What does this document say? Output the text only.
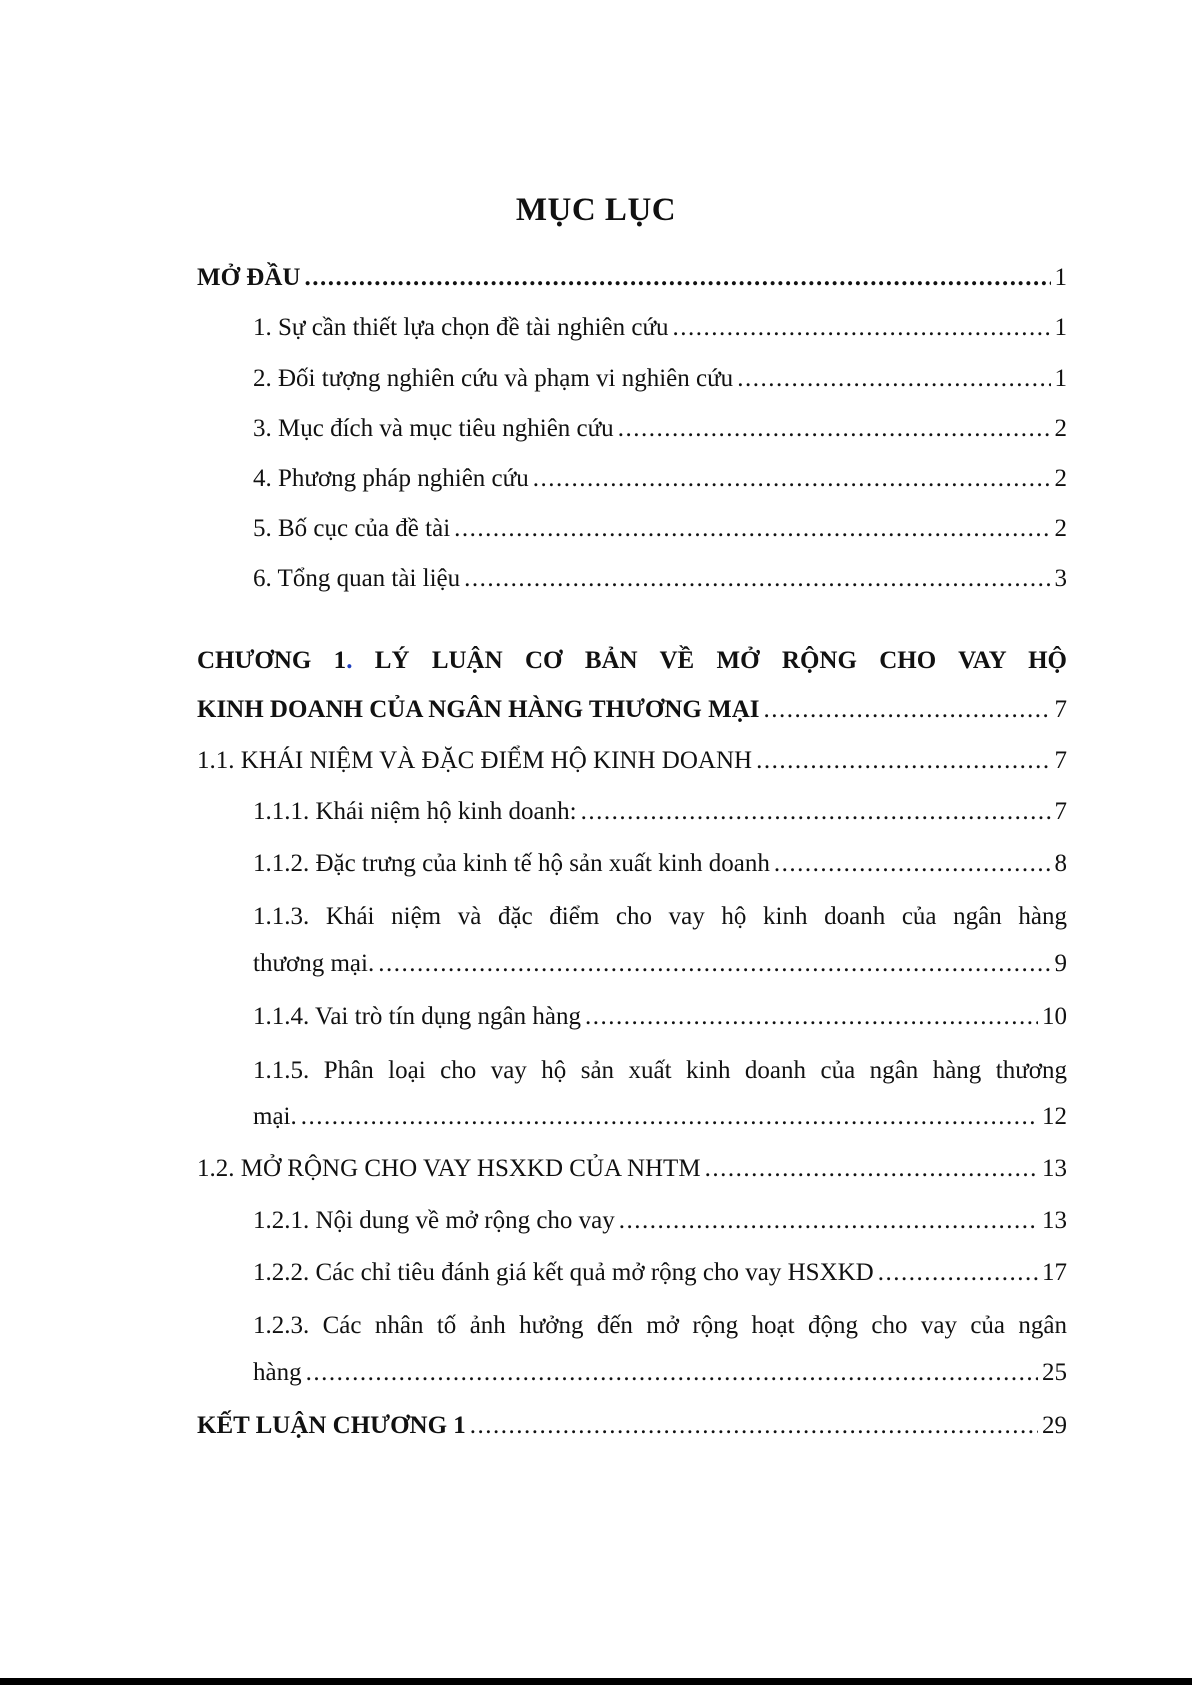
MỤC LỤC
MỞ ĐẦU .....	1
1. Sự cần thiết lựa chọn đề tài nghiên cứu .....	1
2. Đối tượng nghiên cứu và phạm vi nghiên cứu .....	1
3. Mục đích và mục tiêu nghiên cứu .....	2
4. Phương pháp nghiên cứu .....	2
5. Bố cục của đề tài .....	2
6. Tổng quan tài liệu .....	3
CHƯƠNG 1. LÝ LUẬN CƠ BẢN VỀ MỞ RỘNG CHO VAY HỘ
KINH DOANH CỦA NGÂN HÀNG THƯƠNG MẠI .....	7
1.1. KHÁI NIỆM VÀ ĐẶC ĐIỂM HỘ KINH DOANH .....	7
1.1.1. Khái niệm hộ kinh doanh: .....	7
1.1.2. Đặc trưng của kinh tế hộ sản xuất kinh doanh .....	8
1.1.3. Khái niệm và đặc điểm cho vay hộ kinh doanh của ngân hàng
thương mại. .....	9
1.1.4. Vai trò tín dụng ngân hàng .....	10
1.1.5. Phân loại cho vay hộ sản xuất kinh doanh của ngân hàng thương
mại. .....	12
1.2. MỞ RỘNG CHO VAY HSXKD CỦA NHTM .....	13
1.2.1. Nội dung về mở rộng cho vay .....	13
1.2.2. Các chỉ tiêu đánh giá kết quả mở rộng cho vay HSXKD .....	17
1.2.3. Các nhân tố ảnh hưởng đến mở rộng hoạt động cho vay của ngân
hàng .....	25
KẾT LUẬN CHƯƠNG 1 .....	29
